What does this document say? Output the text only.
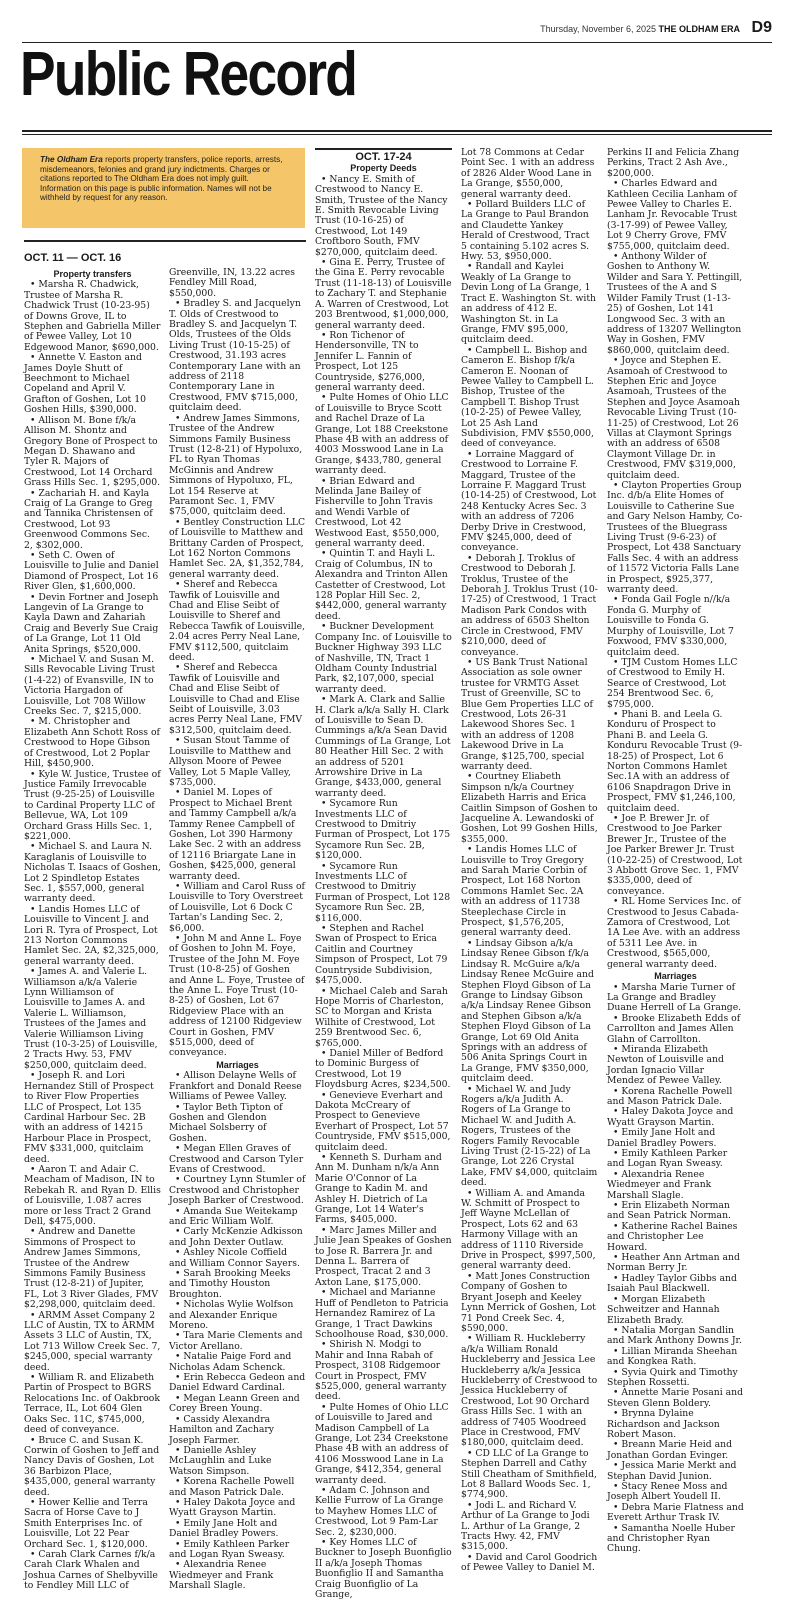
Thursday, November 6, 2025 THE OLDHAM ERA D9
Public Record
The Oldham Era reports property transfers, police reports, arrests, misdemeanors, felonies and grand jury indictments. Charges or citations reported to The Oldham Era does not imply guilt. Information on this page is public information. Names will not be withheld by request for any reason.
OCT. 11 — OCT. 16
Property transfers

• Marsha R. Chadwick, Trustee of Marsha R. Chadwick Trust (10-23-95) of Downs Grove, IL to Stephen and Gabriella Miller of Pewee Valley, Lot 10 Edgewood Manor, $690,000.

• Annette V. Easton and James Doyle Shutt of Beechmont to Michael Copeland and April V. Grafton of Goshen, Lot 10 Goshen Hills, $390,000.

• Allison M. Bone f/k/a Allison M. Shontz and Gregory Bone of Prospect to Megan D. Shawano and Tyler R. Majors of Crestwood, Lot 14 Orchard Grass Hills Sec. 1, $295,000.

• Zachariah H. and Kayla Craig of La Grange to Greg and Tannika Christensen of Crestwood, Lot 93 Greenwood Commons Sec. 2, $302,000.

• Seth C. Owen of Louisville to Julie and Daniel Diamond of Prospect, Lot 16 River Glen, $1,600,000.

• Devin Fortner and Joseph Langevin of La Grange to Kayla Dawn and Zahariah Craig and Beverly Sue Craig of La Grange, Lot 11 Old Anita Springs, $520,000.

• Michael V. and Susan M. Sills Revocable Living Trust (1-4-22) of Evansville, IN to Victoria Hargadon of Louisville, Lot 708 Willow Creeks Sec. 7, $215,000.

• M. Christopher and Elizabeth Ann Schott Ross of Crestwood to Hope Gibson of Crestwood, Lot 2 Poplar Hill, $450,900.

• Kyle W. Justice, Trustee of Justice Family Irrevocable Trust (9-25-25) of Louisville to Cardinal Property LLC of Bellevue, WA, Lot 109 Orchard Grass Hills Sec. 1, $221,000.

• Michael S. and Laura N. Karaglanis of Louisville to Nicholas T. Isaacs of Goshen, Lot 2 Spindletop Estates Sec. 1, $557,000, general warranty deed.

• Landis Homes LLC of Louisville to Vincent J. and Lori R. Tyra of Prospect, Lot 213 Norton Commons Hamlet Sec. 2A, $2,325,000, general warranty deed.

• James A. and Valerie L. Williamson a/k/a Valerie Lynn Williamson of Louisville to James A. and Valerie L. Williamson, Trustees of the James and Valerie Williamson Living Trust (10-3-25) of Louisville, 2 Tracts Hwy. 53, FMV $250,000, quitclaim deed.

• Joseph R. and Lori Hernandez Still of Prospect to River Flow Properties LLC of Prospect, Lot 135 Cardinal Harbour Sec. 2B with an address of 14215 Harbour Place in Prospect, FMV $331,000, quitclaim deed.

• Aaron T. and Adair C. Meacham of Madison, IN to Rebekah R. and Ryan D. Ellis of Louisville, 1.087 acres more or less Tract 2 Grand Dell, $475,000.

• Andrew and Danette Simmons of Prospect to Andrew James Simmons, Trustee of the Andrew Simmons Family Business Trust (12-8-21) of Jupiter, FL, Lot 3 River Glades, FMV $2,298,000, quitclaim deed.

• ARMM Asset Company 2 LLC of Austin, TX to ARMM Assets 3 LLC of Austin, TX, Lot 713 Willow Creek Sec. 7, $245,000, special warranty deed.

• William R. and Elizabeth Partin of Prospect to BGRS Relocations Inc. of Oakbrook Terrace, IL, Lot 604 Glen Oaks Sec. 11C, $745,000, deed of conveyance.

• Bruce C. and Susan K. Corwin of Goshen to Jeff and Nancy Davis of Goshen, Lot 36 Barbizon Place, $435,000, general warranty deed.

• Hower Kellie and Terra Sacra of Horse Cave to J Smith Enterprises Inc. of Louisville, Lot 22 Pear Orchard Sec. 1, $120,000.

• Carah Clark Carnes f/k/a Carah Clark Whalen and Joshua Carnes of Shelbyville to Fendley Mill LLC of

Greenville, IN, 13.22 acres Fendley Mill Road, $550,000.

• Bradley S. and Jacquelyn T. Olds of Crestwood to Bradley S. and Jacquelyn T. Olds, Trustees of the Olds Living Trust (10-15-25) of Crestwood, 31.193 acres Contemporary Lane with an address of 2118 Contemporary Lane in Crestwood, FMV $715,000, quitclaim deed.

• Andrew James Simmons, Trustee of the Andrew Simmons Family Business Trust (12-8-21) of Hypoluxo, FL to Ryan Thomas McGinnis and Andrew Simmons of Hypoluxo, FL, Lot 154 Reserve at Paramont Sec. 1, FMV $75,000, quitclaim deed.

• Bentley Construction LLC of Louisville to Matthew and Brittany Carden of Prospect, Lot 162 Norton Commons Hamlet Sec. 2A, $1,352,784, general warranty deed.

• Sheref and Rebecca Tawfik of Louisville and Chad and Elise Seibt of Louisville to Sheref and Rebecca Tawfik of Louisville, 2.04 acres Perry Neal Lane, FMV $112,500, quitclaim deed.

• Sheref and Rebecca Tawfik of Louisville and Chad and Elise Seibt of Louisville to Chad and Elise Seibt of Louisville, 3.03 acres Perry Neal Lane, FMV $312,500, quitclaim deed.

• Susan Stout Tamme of Louisville to Matthew and Allyson Moore of Pewee Valley, Lot 5 Maple Valley, $735,000.

• Daniel M. Lopes of Prospect to Michael Brent and Tammy Campbell a/k/a Tammy Renee Campbell of Goshen, Lot 390 Harmony Lake Sec. 2 with an address of 12116 Briargate Lane in Goshen, $425,000, general warranty deed.

• William and Carol Russ of Louisville to Tory Overstreet of Louisville, Lot 6 Dock C Tartan's Landing Sec. 2, $6,000.

• John M and Anne L. Foye of Goshen to John M. Foye, Trustee of the John M. Foye Trust (10-8-25) of Goshen and Anne L. Foye, Trustee of the Anne L. Foye Trust (10-8-25) of Goshen, Lot 67 Ridgeview Place with an address of 12100 Ridgeview Court in Goshen, FMV $515,000, deed of conveyance.

Marriages

• Allison Delayne Wells of Frankfort and Donald Reese Williams of Pewee Valley.

• Taylor Beth Tipton of Goshen and Glendon Michael Solsberry of Goshen.

• Megan Ellen Graves of Crestwood and Carson Tyler Evans of Crestwood.

• Courtney Lynn Stumler of Crestwood and Christopher Joseph Barker of Crestwood.

• Amanda Sue Weitekamp and Eric William Wolf.

• Carly McKenzie Adkisson and John Dexter Outlaw.

• Ashley Nicole Coffield and William Connor Sayers.

• Sarah Brooking Meeks and Timothy Houston Broughton.

• Nicholas Wylie Wolfson and Alexander Enrique Moreno.

• Tara Marie Clements and Victor Arellano.

• Natalie Paige Ford and Nicholas Adam Schenck.

• Erin Rebecca Gedeon and Daniel Edward Cardinal.

• Megan Leann Green and Corey Breen Young.

• Cassidy Alexandra Hamilton and Zachary Joseph Farmer.

• Danielle Ashley McLaughlin and Luke Watson Simpson.

• Korena Rachelle Powell and Mason Patrick Dale.

• Haley Dakota Joyce and Wyatt Grayson Martin.

• Emily Jane Holt and Daniel Bradley Powers.

• Emily Kathleen Parker and Logan Ryan Sweasy.

• Alexandria Renee Wiedmeyer and Frank Marshall Slagle.

OCT. 17-24
Property Deeds

• Nancy E. Smith of Crestwood to Nancy E. Smith, Trustee of the Nancy E. Smith Revocable Living Trust (10-16-25) of Crestwood, Lot 149 Croftboro South, FMV $270,000, quitclaim deed.

• Gina E. Perry, Trustee of the Gina E. Perry revocable Trust (11-18-13) of Louisville to Zachary T. and Stephanie A. Warren of Crestwood, Lot 203 Brentwood, $1,000,000, general warranty deed.

• Ron Tichenor of Hendersonville, TN to Jennifer L. Fannin of Prospect, Lot 125 Countryside, $276,000, general warranty deed.

• Pulte Homes of Ohio LLC of Louisville to Bryce Scott and Rachel Draze of La Grange, Lot 188 Creekstone Phase 4B with an address of 4003 Mosswood Lane in La Grange, $433,780, general warranty deed.

• Brian Edward and Melinda Jane Bailey of Fisherville to John Travis and Wendi Varble of Crestwood, Lot 42 Westwood East, $550,000, general warranty deed.

• Quintin T. and Hayli L. Craig of Columbus, IN to Alexandra and Trinton Allen Castetter of Crestwood, Lot 128 Poplar Hill Sec. 2, $442,000, general warranty deed.

• Buckner Development Company Inc. of Louisville to Buckner Highway 393 LLC of Nashville, TN, Tract 1 Oldham County Industrial Park, $2,107,000, special warranty deed.

• Mark A. Clark and Sallie H. Clark a/k/a Sally H. Clark of Louisville to Sean D. Cummings a/k/a Sean David Cummings of La Grange, Lot 80 Heather Hill Sec. 2 with an address of 5201 Arrowshire Drive in La Grange, $433,000, general warranty deed.

• Sycamore Run Investments LLC of Crestwood to Dmitriy Furman of Prospect, Lot 175 Sycamore Run Sec. 2B, $120,000.

• Sycamore Run Investments LLC of Crestwood to Dmitriy Furman of Prospect, Lot 128 Sycamore Run Sec. 2B, $116,000.

• Stephen and Rachel Swan of Prospect to Erica Caitlin and Courtney Simpson of Prospect, Lot 79 Countryside Subdivision, $475,000.

• Michael Caleb and Sarah Hope Morris of Charleston, SC to Morgan and Krista Wilhite of Crestwood, Lot 259 Brentwood Sec. 6, $765,000.

• Daniel Miller of Bedford to Dominic Burgess of Crestwood, Lot 19 Floydsburg Acres, $234,500.

• Genevieve Everhart and Dakota McCreary of Prospect to Genevieve Everhart of Prospect, Lot 57 Countryside, FMV $515,000, quitclaim deed.

• Kenneth S. Durham and Ann M. Dunham n/k/a Ann Marie O'Connor of La Grange to Kadin M. and Ashley H. Dietrich of La Grange, Lot 14 Water's Farms, $405,000.

• Marc James Miller and Julie Jean Speakes of Goshen to Jose R. Barrera Jr. and Denna L. Barrera of Prospect, Tracat 2 and 3 Axton Lane, $175,000.

• Michael and Marianne Huff of Pendleton to Patricia Hernandez Ramirez of La Grange, 1 Tract Dawkins Schoolhouse Road, $30,000.

• Shirish N. Modgi to Mahir and Inna Rabah of Prospect, 3108 Ridgemoor Court in Prospect, FMV $525,000, general warranty deed.

• Pulte Homes of Ohio LLC of Louisville to Jared and Madison Campbell of La Grange, Lot 234 Creekstone Phase 4B with an address of 4106 Mosswood Lane in La Grange, $412,354, general warranty deed.

• Adam C. Johnson and Kellie Furrow of La Grange to Mayhew Homes LLC of Crestwood, Lot 9 Pam-Lar Sec. 2, $230,000.

• Key Homes LLC of Buckner to Joseph Buonfiglio II a/k/a Joseph Thomas Buonfiglio II and Samantha Craig Buonfiglio of La Grange,

Lot 78 Commons at Cedar Point Sec. 1 with an address of 2826 Alder Wood Lane in La Grange, $550,000, general warranty deed.

• Pollard Builders LLC of La Grange to Paul Brandon and Claudette Yankey Herald of Crestwood, Tract 5 containing 5.102 acres S. Hwy. 53, $950,000.

• Randall and Kaylei Weakly of La Grange to Devin Long of La Grange, 1 Tract E. Washington St. with an address of 412 E. Washington St. in La Grange, FMV $95,000, quitclaim deed.

• Campbell L. Bishop and Cameron E. Bishop f/k/a Cameron E. Noonan of Pewee Valley to Campbell L. Bishop, Trustee of the Campbell T. Bishop Trust (10-2-25) of Pewee Valley, Lot 25 Ash Land Subdivision, FMV $550,000, deed of conveyance.

• Lorraine Maggard of Crestwood to Lorraine F. Maggard, Trustee of the Lorraine F. Maggard Trust (10-14-25) of Crestwood, Lot 248 Kentucky Acres Sec. 3 with an address of 7206 Derby Drive in Crestwood, FMV $245,000, deed of conveyance.

• Deborah J. Troklus of Crestwood to Deborah J. Troklus, Trustee of the Deborah J. Troklus Trust (10-17-25) of Crestwood, 1 Tract Madison Park Condos with an address of 6503 Shelton Circle in Crestwood, FMV $210,000, deed of conveyance.

• US Bank Trust National Association as sole owner trustee for VRMTG Asset Trust of Greenville, SC to Blue Gem Properties LLC of Crestwood, Lots 26-31 Lakewood Shores Sec. 1 with an address of 1208 Lakewood Drive in La Grange, $125,700, special warranty deed.

• Courtney Eliabeth Simpson n/k/a Courtney Elizabeth Harris and Erica Caitlin Simpson of Goshen to Jacqueline A. Lewandoski of Goshen, Lot 99 Goshen Hills, $355,000.

• Landis Homes LLC of Louisville to Troy Gregory and Sarah Marie Corbin of Prospect, Lot 168 Norton Commons Hamlet Sec. 2A with an address of 11738 Steeplechase Circle in Prospect, $1,576,205, general warranty deed.

• Lindsay Gibson a/k/a Lindsay Renee Gibson f/k/a Lindsay R. McGuire a/k/a Lindsay Renee McGuire and Stephen Floyd Gibson of La Grange to Lindsay Gibson a/k/a Lindsay Renee Gibson and Stephen Gibson a/k/a Stephen Floyd Gibson of La Grange, Lot 69 Old Anita Springs with an address of 506 Anita Springs Court in La Grange, FMV $350,000, quitclaim deed.

• Michael W. and Judy Rogers a/k/a Judith A. Rogers of La Grange to Michael W. and Judith A. Rogers, Trustees of the Rogers Family Revocable Living Trust (2-15-22) of La Grange, Lot 226 Crystal Lake, FMV $4,000, quitclaim deed.

• William A. and Amanda W. Schmitt of Prospect to Jeff Wayne McLellan of Prospect, Lots 62 and 63 Harmony Village with an address of 1110 Riverside Drive in Prospect, $997,500, general warranty deed.

• Matt Jones Construction Company of Goshen to Bryant Joseph and Keeley Lynn Merrick of Goshen, Lot 71 Pond Creek Sec. 4, $590,000.

• William R. Huckleberry a/k/a William Ronald Huckleberry and Jessica Lee Huckleberry a/k/a Jessica Huckleberry of Crestwood to Jessica Huckleberry of Crestwood, Lot 90 Orchard Grass Hills Sec. 1 with an address of 7405 Woodreed Place in Crestwood, FMV $180,000, quitclaim deed.

• CD LLC of La Grange to Stephen Darrell and Cathy Still Cheatham of Smithfield, Lot 8 Ballard Woods Sec. 1, $774,900.

• Jodi L. and Richard V. Arthur of La Grange to Jodi L. Arthur of La Grange, 2 Tracts Hwy. 42, FMV $315,000.

• David and Carol Goodrich of Pewee Valley to Daniel M.

Perkins II and Felicia Zhang Perkins, Tract 2 Ash Ave., $200,000.

• Charles Edward and Kathleen Cecilia Lanham of Pewee Valley to Charles E. Lanham Jr. Revocable Trust (3-17-99) of Pewee Valley, Lot 9 Cherry Grove, FMV $755,000, quitclaim deed.

• Anthony Wilder of Goshen to Anthony W. Wilder and Sara Y. Pettingill, Trustees of the A and S Wilder Family Trust (1-13-25) of Goshen, Lot 141 Longwood Sec. 3 with an address of 13207 Wellington Way in Goshen, FMV $860,000, quitclaim deed.

• Joyce and Stephen E. Asamoah of Crestwood to Stephen Eric and Joyce Asamoah, Trustees of the Stephen and Joyce Asamoah Revocable Living Trust (10-11-25) of Crestwood, Lot 26 Villas at Claymont Springs with an address of 6508 Claymont Village Dr. in Crestwood, FMV $319,000, quitclaim deed.

• Clayton Properties Group Inc. d/b/a Elite Homes of Louisville to Catherine Sue and Gary Nelson Hamby, Co-Trustees of the Bluegrass Living Trust (9-6-23) of Prospect, Lot 438 Sanctuary Falls Sec. 4 with an address of 11572 Victoria Falls Lane in Prospect, $925,377, warranty deed.

• Fonda Gail Fogle n//k/a Fonda G. Murphy of Louisville to Fonda G. Murphy of Louisville, Lot 7 Foxwood, FMV $330,000, quitclaim deed.

• TJM Custom Homes LLC of Crestwood to Emily H. Searce of Crestwood, Lot 254 Brentwood Sec. 6, $795,000.

• Phani B. and Leela G. Konduru of Prospect to Phani B. and Leela G. Konduru Revocable Trust (9-18-25) of Prospect, Lot 6 Norton Commons Hamlet Sec.1A with an address of 6106 Snapdragon Drive in Prospect, FMV $1,246,100, quitclaim deed.

• Joe P. Brewer Jr. of Crestwood to Joe Parker Brewer Jr., Trustee of the Joe Parker Brewer Jr. Trust (10-22-25) of Crestwood, Lot 3 Abbott Grove Sec. 1, FMV $335,000, deed of conveyance.

• RL Home Services Inc. of Crestwood to Jesus Cabada-Zamora of Crestwood, Lot 1A Lee Ave. with an address of 5311 Lee Ave. in Crestwood, $565,000, general warranty deed.

Marriages

• Marsha Marie Turner of La Grange and Bradley Duane Herrell of La Grange.

• Brooke Elizabeth Edds of Carrollton and James Allen Glahn of Carrollton.

• Miranda Elizabeth Newton of Louisville and Jordan Ignacio Villar Mendez of Pewee Valley.

• Korena Rachelle Powell and Mason Patrick Dale.

• Haley Dakota Joyce and Wyatt Grayson Martin.

• Emily Jane Holt and Daniel Bradley Powers.

• Emily Kathleen Parker and Logan Ryan Sweasy.

• Alexandria Renee Wiedmeyer and Frank Marshall Slagle.

• Erin Elizabeth Norman and Sean Patrick Norman.

• Katherine Rachel Baines and Christopher Lee Howard.

• Heather Ann Artman and Norman Berry Jr.

• Hadley Taylor Gibbs and Isaiah Paul Blackwell.

• Morgan Elizabeth Schweitzer and Hannah Elizabeth Brady.

• Natalia Morgan Sandlin and Mark Anthony Downs Jr.

• Lillian Miranda Sheehan and Kongkea Rath.

• Syvia Quirk and Timothy Stephen Rossetti.

• Annette Marie Posani and Steven Glenn Boldery.

• Brynna Dylaine Richardson and Jackson Robert Mason.

• Breann Marie Heid and Jonathan Gordan Evinger.

• Jessica Marie Merkt and Stephan David Junion.

• Stacy Renee Moss and Joseph Albert Youdell II.

• Debra Marie Flatness and Everett Arthur Trask IV.

• Samantha Noelle Huber and Christopher Ryan Chung.
